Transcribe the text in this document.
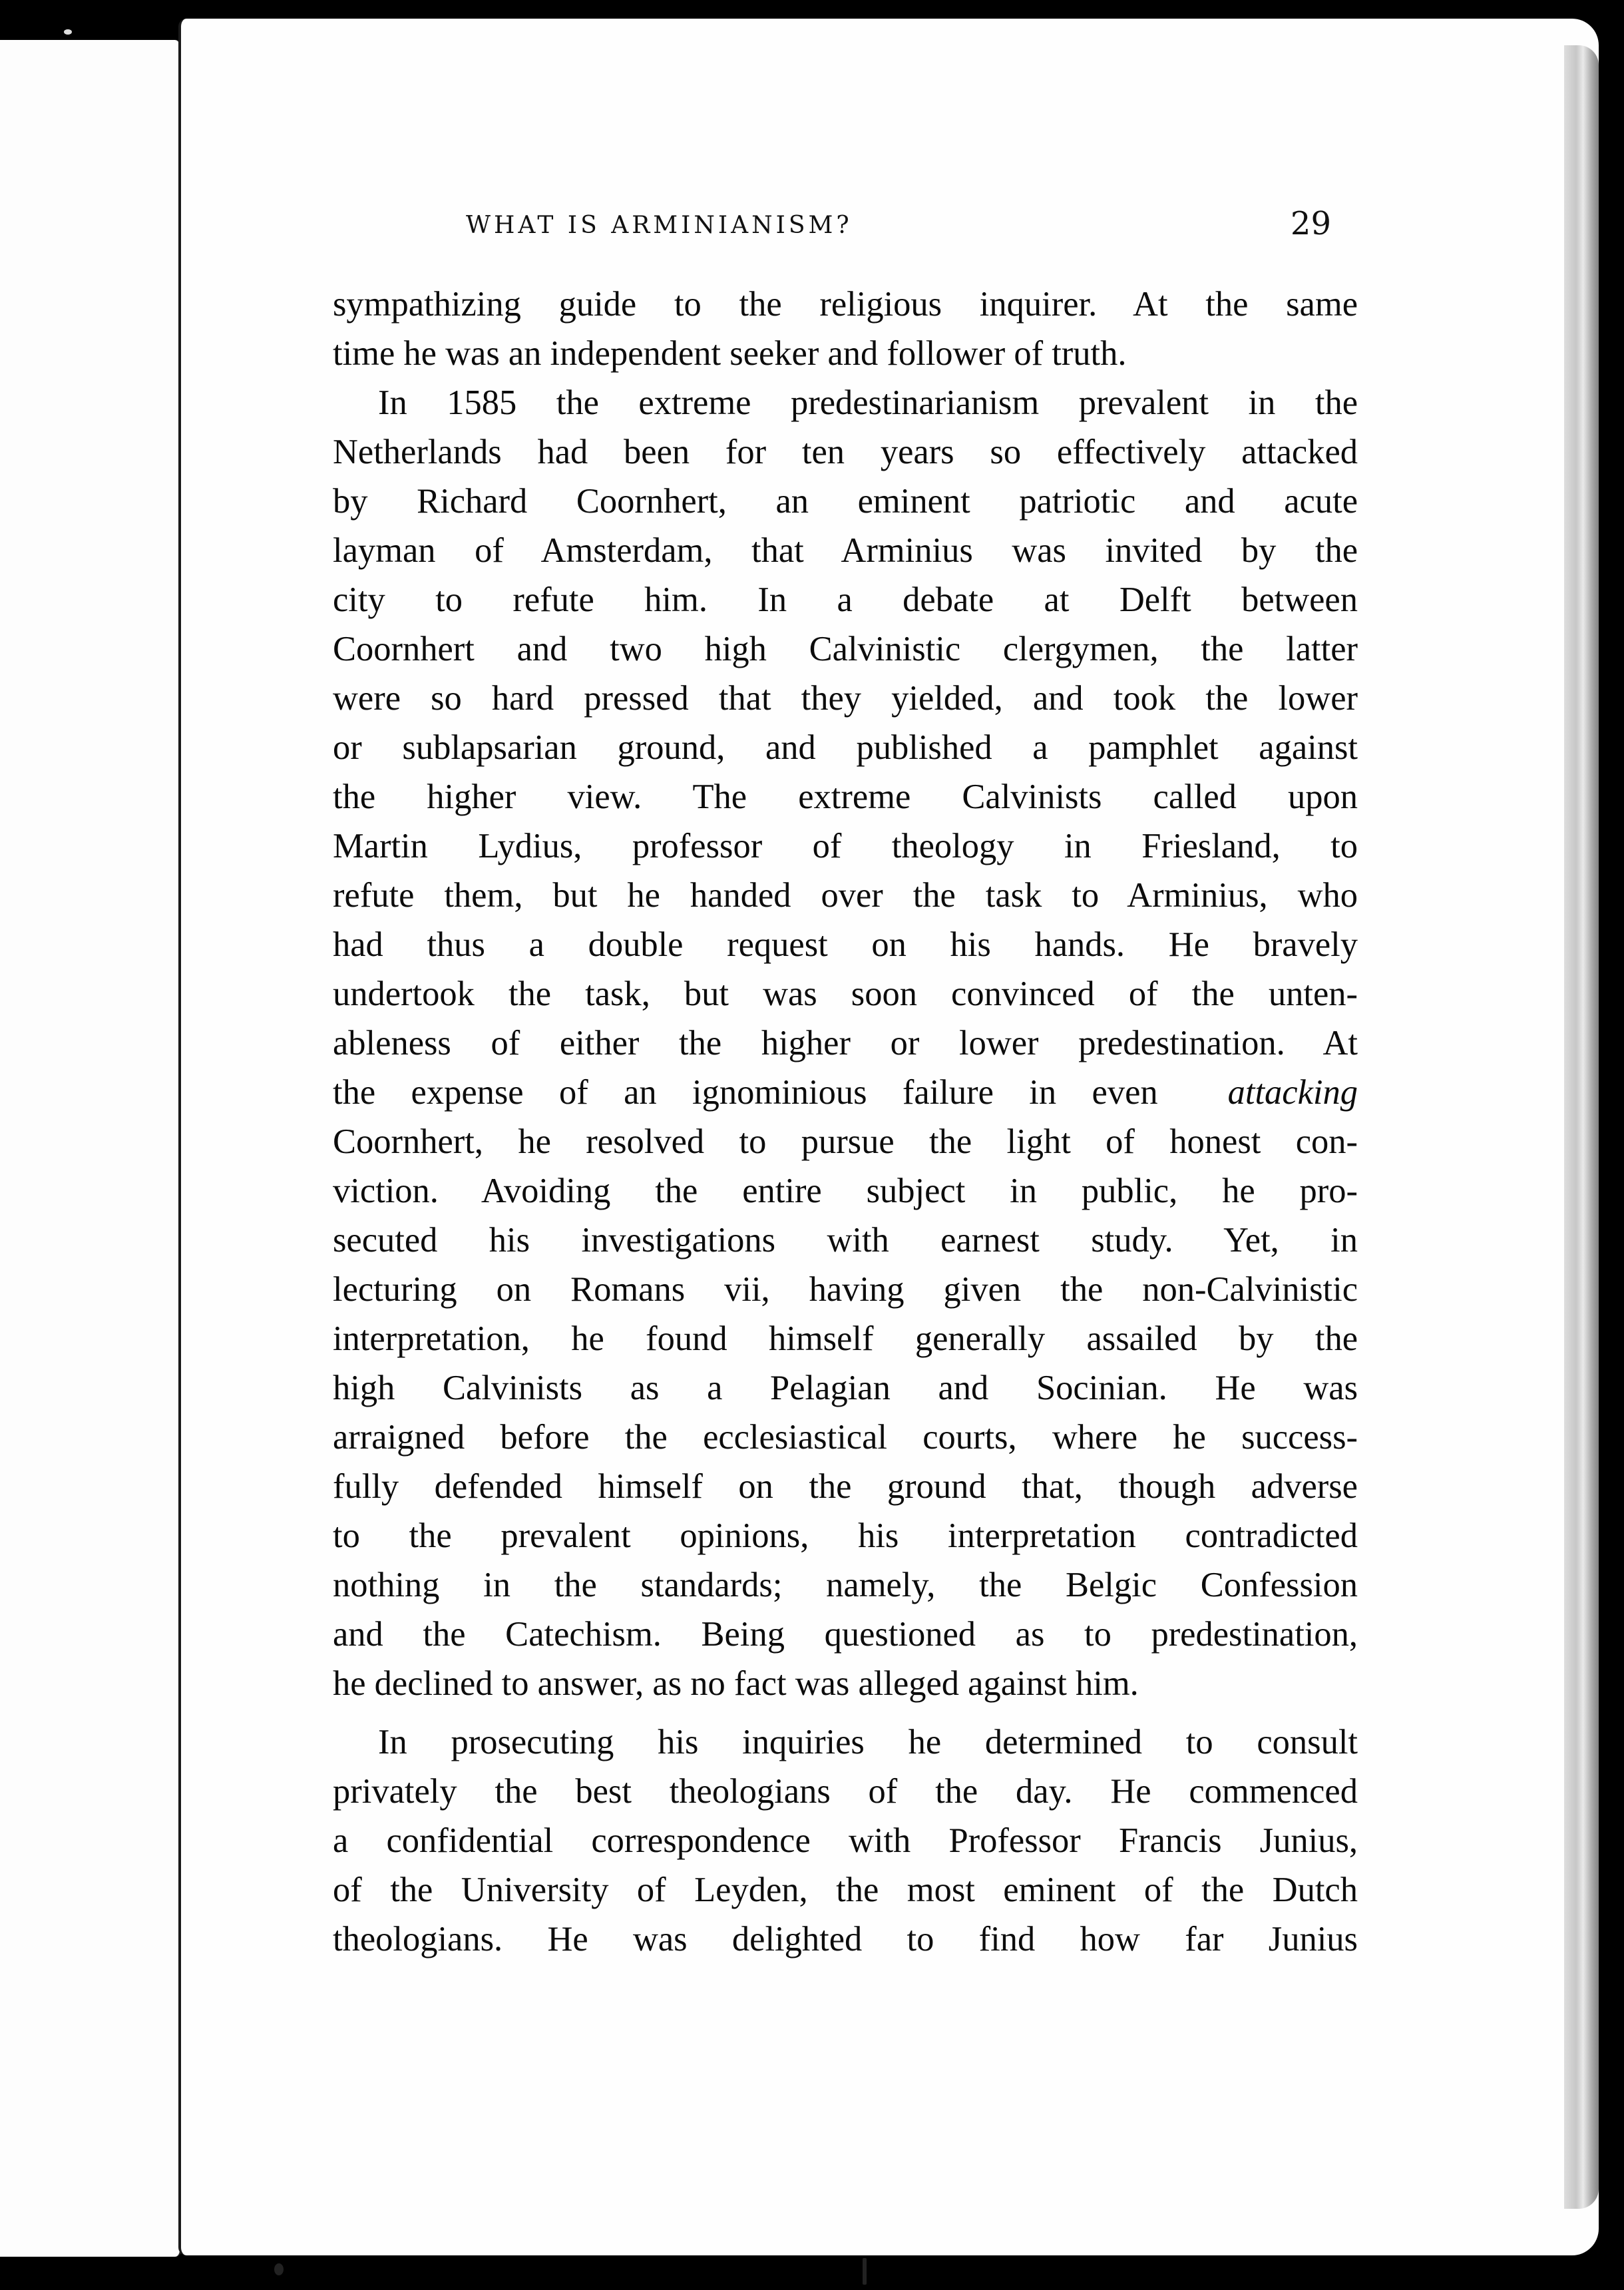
WHAT IS ARMINIANISM?	29
sympathizing guide to the religious inquirer. At the same
time he was an independent seeker and follower of truth.
In 1585 the extreme predestinarianism prevalent in the
Netherlands had been for ten years so effectively attacked
by Richard Coornhert, an eminent patriotic and acute
layman of Amsterdam, that Arminius was invited by the
city to refute him. In a debate at Delft between
Coornhert and two high Calvinistic clergymen, the latter
were so hard pressed that they yielded, and took the lower
or sublapsarian ground, and published a pamphlet against
the higher view. The extreme Calvinists called upon
Martin Lydius, professor of theology in Friesland, to
refute them, but he handed over the task to Arminius, who
had thus a double request on his hands. He bravely
undertook the task, but was soon convinced of the unten-
ableness of either the higher or lower predestination. At
the expense of an ignominious failure in even   attacking
Coornhert, he resolved to pursue the light of honest con-
viction. Avoiding the entire subject in public, he pro-
secuted his investigations with earnest study. Yet, in
lecturing on Romans vii, having given the non-Calvinistic
interpretation, he found himself generally assailed by the
high Calvinists as a Pelagian and Socinian. He was
arraigned before the ecclesiastical courts, where he success-
fully defended himself on the ground that, though adverse
to the prevalent opinions, his interpretation contradicted
nothing in the standards; namely, the Belgic Confession
and the Catechism. Being questioned as to predestination,
he declined to answer, as no fact was alleged against him.
In prosecuting his inquiries he determined to consult
privately the best theologians of the day. He commenced
a confidential correspondence with Professor Francis Junius,
of the University of Leyden, the most eminent of the Dutch
theologians. He was delighted to find how far Junius
